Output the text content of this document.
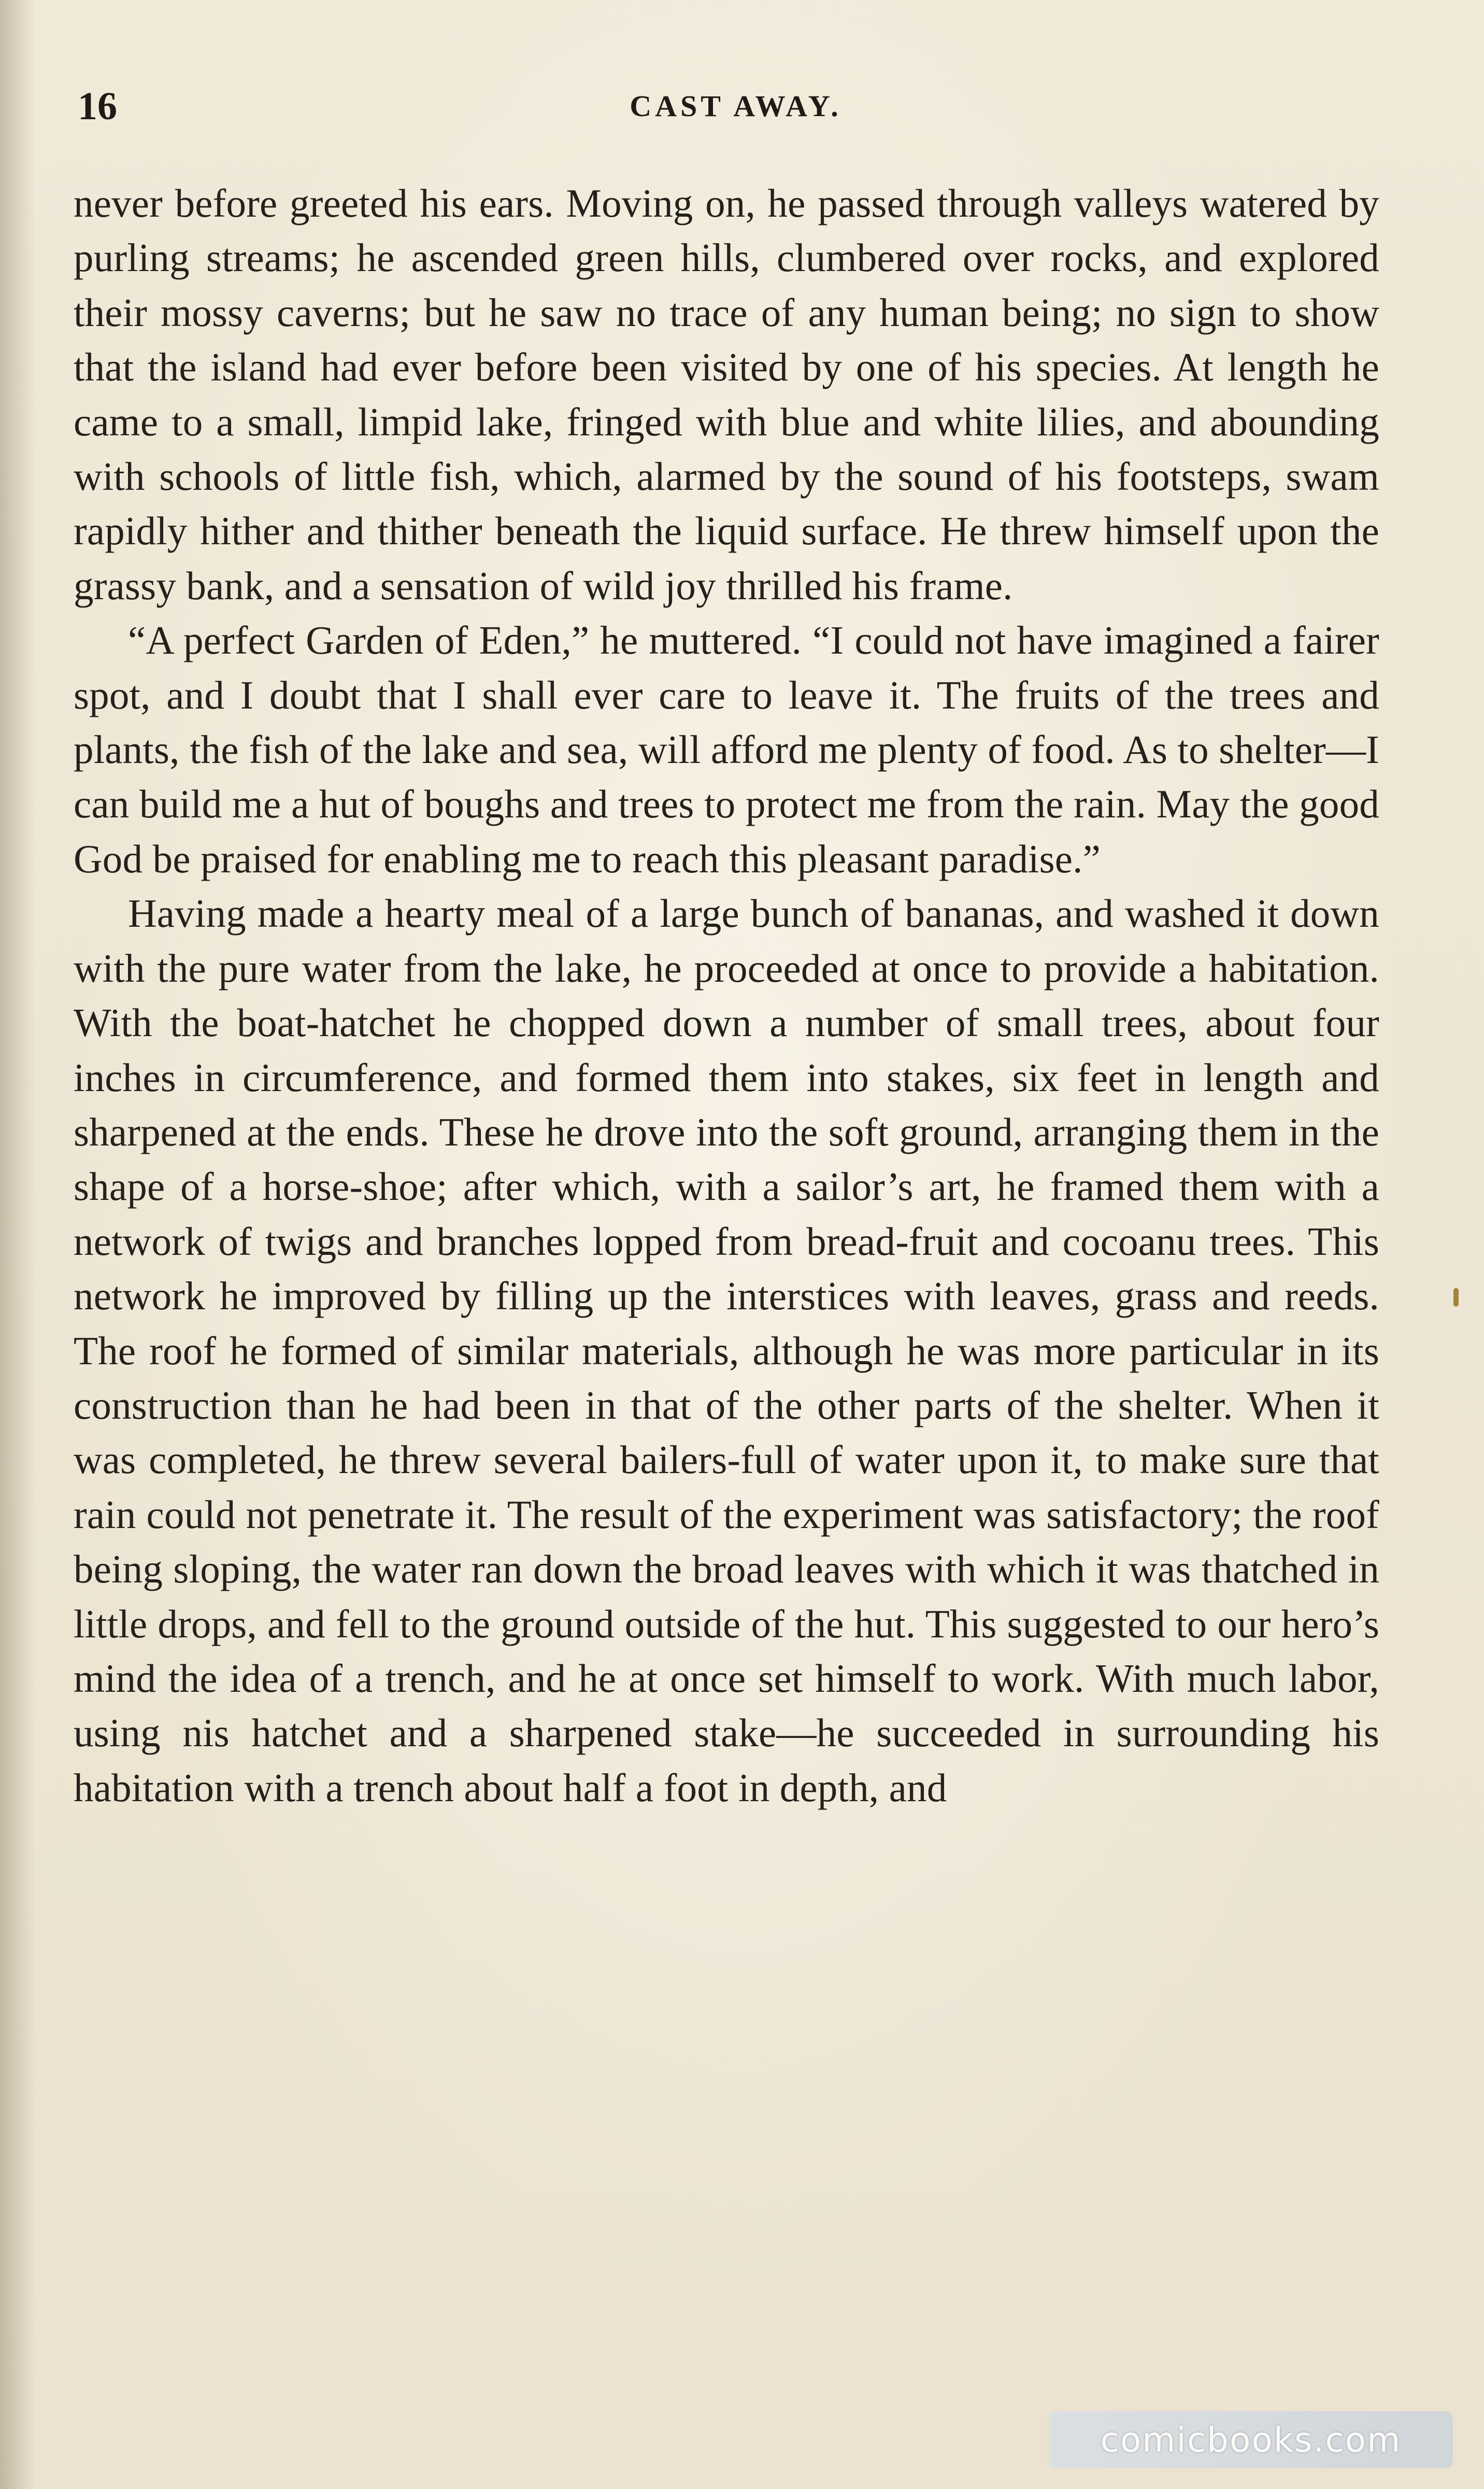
16	CAST AWAY.

never before greeted his ears. Moving on, he passed through valleys watered by purling streams; he ascended green hills, clumbered over rocks, and explored their mossy caverns; but he saw no trace of any human being; no sign to show that the island had ever before been visited by one of his species. At length he came to a small, limpid lake, fringed with blue and white lilies, and abounding with schools of little fish, which, alarmed by the sound of his footsteps, swam rapidly hither and thither beneath the liquid surface. He threw himself upon the grassy bank, and a sensation of wild joy thrilled his frame.

“A perfect Garden of Eden,” he muttered. “I could not have imagined a fairer spot, and I doubt that I shall ever care to leave it. The fruits of the trees and plants, the fish of the lake and sea, will afford me plenty of food. As to shelter—I can build me a hut of boughs and trees to protect me from the rain. May the good God be praised for enabling me to reach this pleasant paradise.”

Having made a hearty meal of a large bunch of bananas, and washed it down with the pure water from the lake, he proceeded at once to provide a habitation. With the boat-hatchet he chopped down a number of small trees, about four inches in circumference, and formed them into stakes, six feet in length and sharpened at the ends. These he drove into the soft ground, arranging them in the shape of a horse-shoe; after which, with a sailor’s art, he framed them with a network of twigs and branches lopped from bread-fruit and cocoanu trees. This network he improved by filling up the interstices with leaves, grass and reeds. The roof he formed of similar materials, although he was more particular in its construction than he had been in that of the other parts of the shelter. When it was completed, he threw several bailers-full of water upon it, to make sure that rain could not penetrate it. The result of the experiment was satisfactory; the roof being sloping, the water ran down the broad leaves with which it was thatched in little drops, and fell to the ground outside of the hut. This suggested to our hero’s mind the idea of a trench, and he at once set himself to work. With much labor, using nis hatchet and a sharpened stake—he succeeded in surrounding his habitation with a trench about half a foot in depth, and

comicbooks.com
